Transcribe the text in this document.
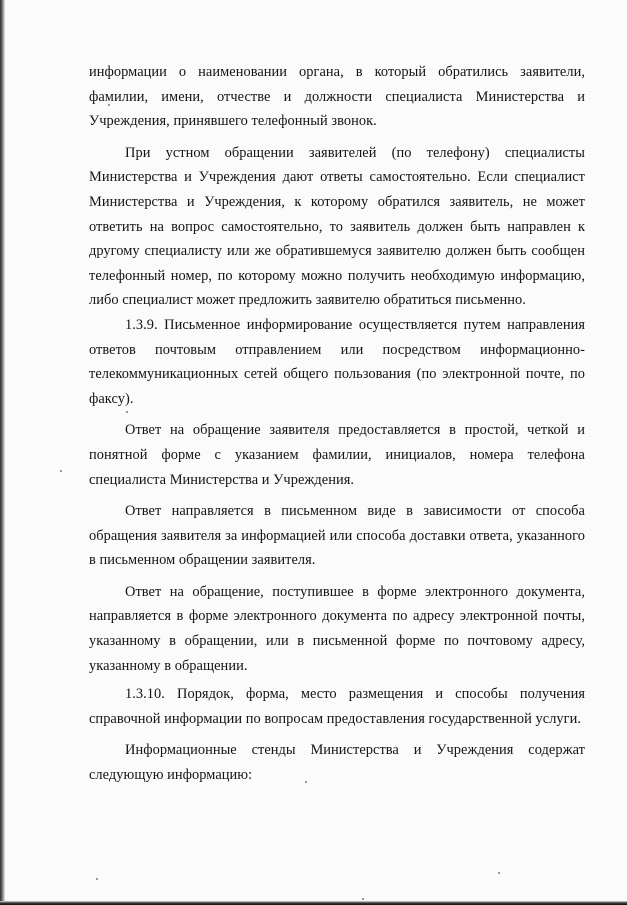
информации о наименовании органа, в который обратились заявители, фамилии, имени, отчестве и должности специалиста Министерства и Учреждения, принявшего телефонный звонок.

При устном обращении заявителей (по телефону) специалисты Министерства и Учреждения дают ответы самостоятельно. Если специалист Министерства и Учреждения, к которому обратился заявитель, не может ответить на вопрос самостоятельно, то заявитель должен быть направлен к другому специалисту или же обратившемуся заявителю должен быть сообщен телефонный номер, по которому можно получить необходимую информацию, либо специалист может предложить заявителю обратиться письменно.

1.3.9. Письменное информирование осуществляется путем направления ответов почтовым отправлением или посредством информационно-телекоммуникационных сетей общего пользования (по электронной почте, по факсу).

Ответ на обращение заявителя предоставляется в простой, четкой и понятной форме с указанием фамилии, инициалов, номера телефона специалиста Министерства и Учреждения.

Ответ направляется в письменном виде в зависимости от способа обращения заявителя за информацией или способа доставки ответа, указанного в письменном обращении заявителя.

Ответ на обращение, поступившее в форме электронного документа, направляется в форме электронного документа по адресу электронной почты, указанному в обращении, или в письменной форме по почтовому адресу, указанному в обращении.

1.3.10. Порядок, форма, место размещения и способы получения справочной информации по вопросам предоставления государственной услуги.

Информационные стенды Министерства и Учреждения содержат следующую информацию:
